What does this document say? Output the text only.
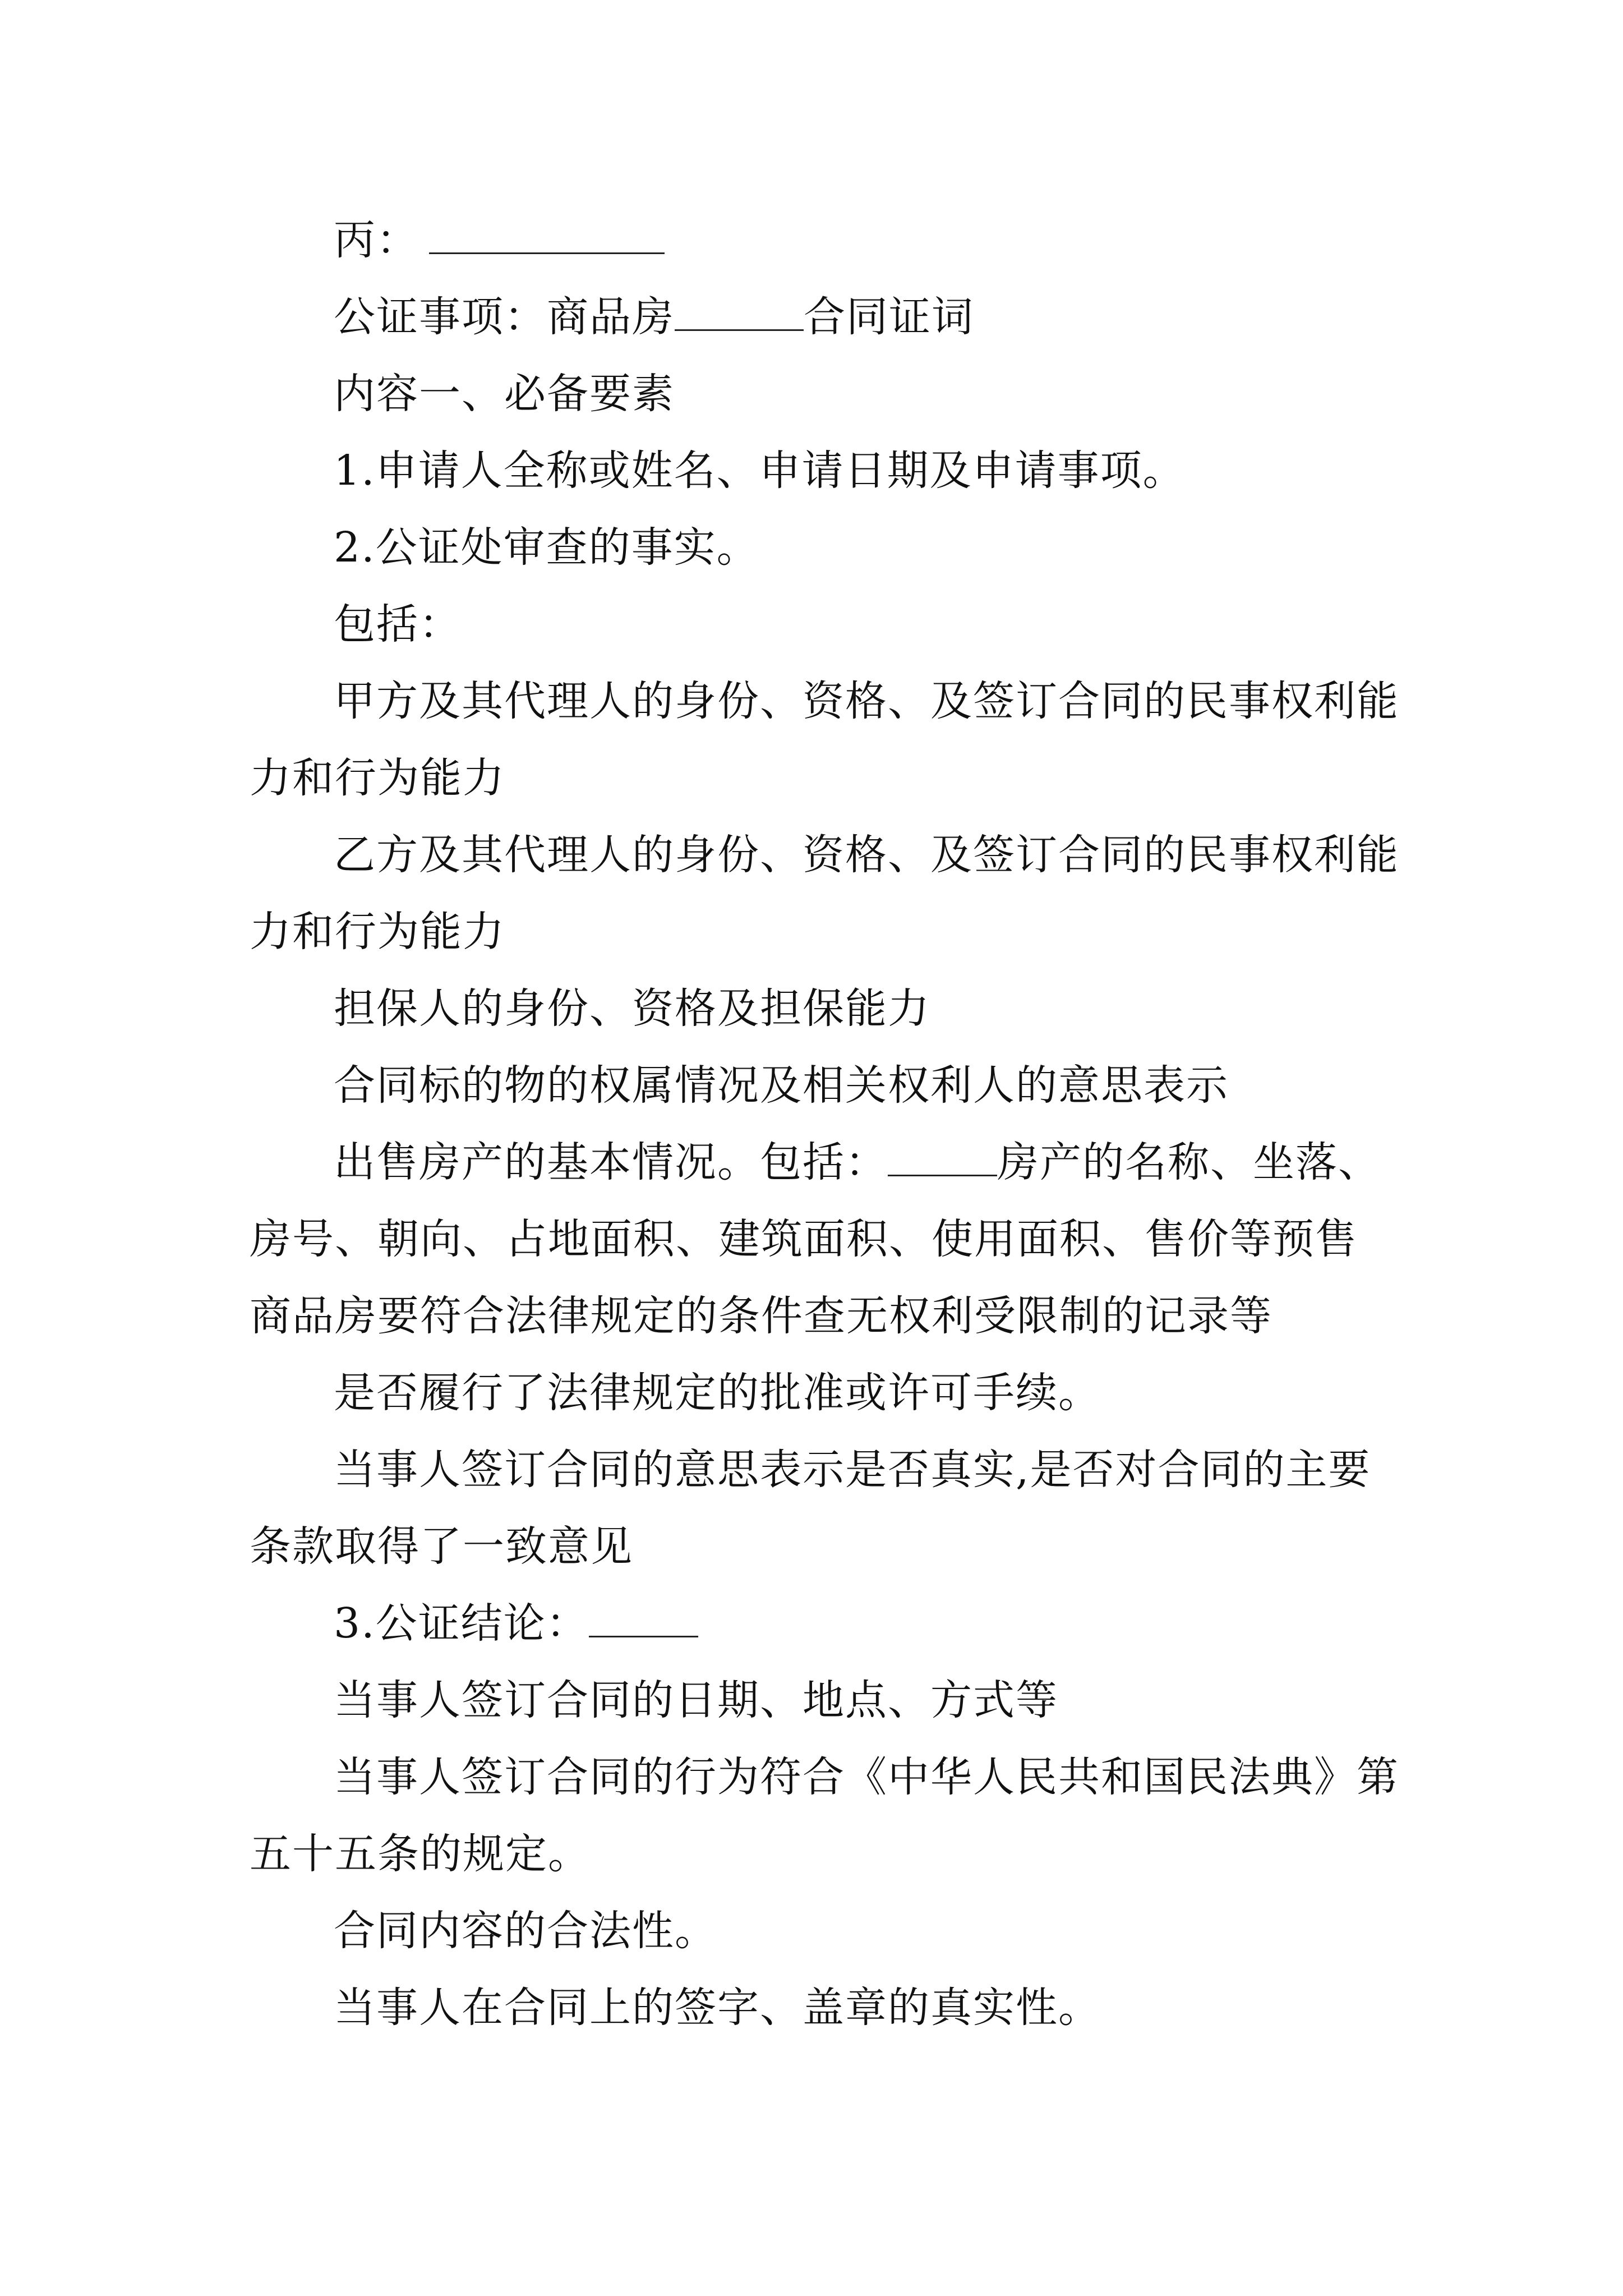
丙：

公证事项：商品房	合同证词

内容一、必备要素

1.申请人全称或姓名、申请日期及申请事项。

2.公证处审查的事实。

包括：

甲方及其代理人的身份、资格、及签订合同的民事权利能力和行为能力

乙方及其代理人的身份、资格、及签订合同的民事权利能力和行为能力

担保人的身份、资格及担保能力

合同标的物的权属情况及相关权利人的意思表示

出售房产的基本情况。包括：	房产的名称、坐落、房号、朝向、占地面积、建筑面积、使用面积、售价等预售商品房要符合法律规定的条件查无权利受限制的记录等

是否履行了法律规定的批准或许可手续。

当事人签订合同的意思表示是否真实,是否对合同的主要条款取得了一致意见

3.公证结论：

当事人签订合同的日期、地点、方式等

当事人签订合同的行为符合《中华人民共和国民法典》第五十五条的规定。

合同内容的合法性。

当事人在合同上的签字、盖章的真实性。
